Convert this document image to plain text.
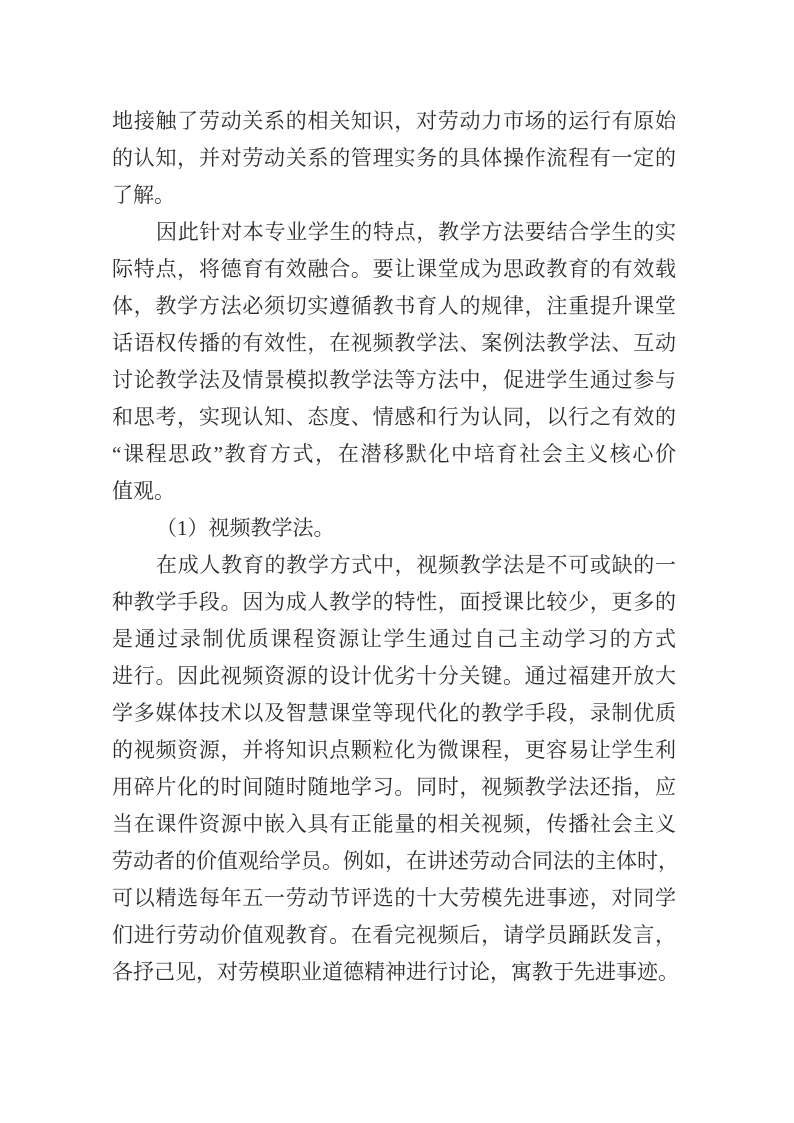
地接触了劳动关系的相关知识，对劳动力市场的运行有原始
的认知，并对劳动关系的管理实务的具体操作流程有一定的
了解。
因此针对本专业学生的特点，教学方法要结合学生的实
际特点，将德育有效融合。要让课堂成为思政教育的有效载
体，教学方法必须切实遵循教书育人的规律，注重提升课堂
话语权传播的有效性，在视频教学法、案例法教学法、互动
讨论教学法及情景模拟教学法等方法中，促进学生通过参与
和思考，实现认知、态度、情感和行为认同，以行之有效的
“课程思政”教育方式，在潜移默化中培育社会主义核心价
值观。
（1）视频教学法。
在成人教育的教学方式中，视频教学法是不可或缺的一
种教学手段。因为成人教学的特性，面授课比较少，更多的
是通过录制优质课程资源让学生通过自己主动学习的方式
进行。因此视频资源的设计优劣十分关键。通过福建开放大
学多媒体技术以及智慧课堂等现代化的教学手段，录制优质
的视频资源，并将知识点颗粒化为微课程，更容易让学生利
用碎片化的时间随时随地学习。同时，视频教学法还指，应
当在课件资源中嵌入具有正能量的相关视频，传播社会主义
劳动者的价值观给学员。例如，在讲述劳动合同法的主体时，
可以精选每年五一劳动节评选的十大劳模先进事迹，对同学
们进行劳动价值观教育。在看完视频后，请学员踊跃发言，
各抒己见，对劳模职业道德精神进行讨论，寓教于先进事迹。
